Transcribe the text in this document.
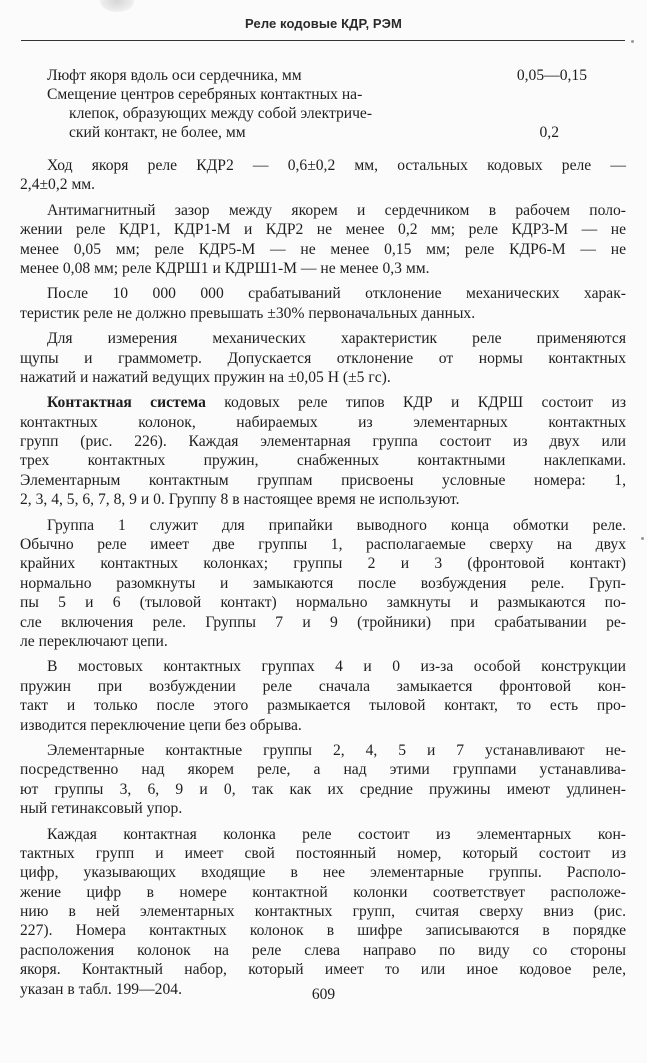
Реле кодовые КДР, РЭМ
Люфт якоря вдоль оси сердечника, мм	0,05—0,15
Смещение центров серебряных контактных на-
клепок, образующих между собой электриче-
ский контакт, не более, мм	0,2
Ход якоря реле КДР2 — 0,6±0,2 мм, остальных кодовых реле —
2,4±0,2 мм.
Антимагнитный зазор между якорем и сердечником в рабочем поло-
жении реле КДР1, КДР1-М и КДР2 не менее 0,2 мм; реле КДР3-М — не
менее 0,05 мм; реле КДР5-М — не менее 0,15 мм; реле КДР6-М — не
менее 0,08 мм; реле КДРШ1 и КДРШ1-М — не менее 0,3 мм.
После 10 000 000 срабатываний отклонение механических харак-
теристик реле не должно превышать ±30% первоначальных данных.
Для измерения механических характеристик реле применяются
щупы и граммометр. Допускается отклонение от нормы контактных
нажатий и нажатий ведущих пружин на ±0,05 Н (±5 гс).
Контактная система кодовых реле типов КДР и КДРШ состоит из
контактных колонок, набираемых из элементарных контактных
групп (рис. 226). Каждая элементарная группа состоит из двух или
трех контактных пружин, снабженных контактными наклепками.
Элементарным контактным группам присвоены условные номера: 1,
2, 3, 4, 5, 6, 7, 8, 9 и 0. Группу 8 в настоящее время не используют.
Группа 1 служит для припайки выводного конца обмотки реле.
Обычно реле имеет две группы 1, располагаемые сверху на двух
крайних контактных колонках; группы 2 и 3 (фронтовой контакт)
нормально разомкнуты и замыкаются после возбуждения реле. Груп-
пы 5 и 6 (тыловой контакт) нормально замкнуты и размыкаются по-
сле включения реле. Группы 7 и 9 (тройники) при срабатывании ре-
ле переключают цепи.
В мостовых контактных группах 4 и 0 из-за особой конструкции
пружин при возбуждении реле сначала замыкается фронтовой кон-
такт и только после этого размыкается тыловой контакт, то есть про-
изводится переключение цепи без обрыва.
Элементарные контактные группы 2, 4, 5 и 7 устанавливают не-
посредственно над якорем реле, а над этими группами устанавлива-
ют группы 3, 6, 9 и 0, так как их средние пружины имеют удлинен-
ный гетинаксовый упор.
Каждая контактная колонка реле состоит из элементарных кон-
тактных групп и имеет свой постоянный номер, который состоит из
цифр, указывающих входящие в нее элементарные группы. Располо-
жение цифр в номере контактной колонки соответствует расположе-
нию в ней элементарных контактных групп, считая сверху вниз (рис.
227). Номера контактных колонок в шифре записываются в порядке
расположения колонок на реле слева направо по виду со стороны
якоря. Контактный набор, который имеет то или иное кодовое реле,
указан в табл. 199—204.	609
